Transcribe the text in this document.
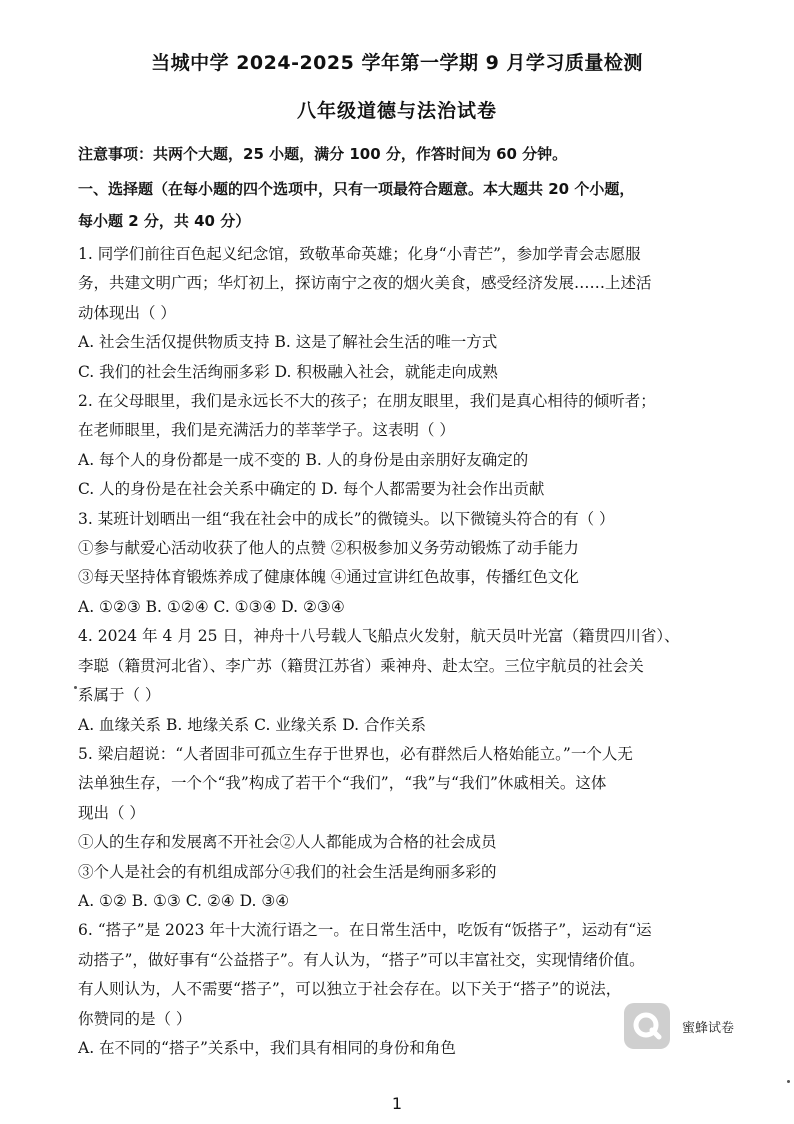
当城中学 2024-2025 学年第一学期 9 月学习质量检测
八年级道德与法治试卷
注意事项：共两个大题，25 小题，满分 100 分，作答时间为 60 分钟。
一、选择题（在每小题的四个选项中，只有一项最符合题意。本大题共 20 个小题，
每小题 2 分，共 40 分）
1. 同学们前往百色起义纪念馆，致敬革命英雄；化身“小青芒”，参加学青会志愿服
务，共建文明广西；华灯初上，探访南宁之夜的烟火美食，感受经济发展……上述活
动体现出（ ）
A. 社会生活仅提供物质支持 B. 这是了解社会生活的唯一方式
C. 我们的社会生活绚丽多彩 D. 积极融入社会，就能走向成熟
2. 在父母眼里，我们是永远长不大的孩子；在朋友眼里，我们是真心相待的倾听者；
在老师眼里，我们是充满活力的莘莘学子。这表明（ ）
A. 每个人的身份都是一成不变的 B. 人的身份是由亲朋好友确定的
C. 人的身份是在社会关系中确定的 D. 每个人都需要为社会作出贡献
3. 某班计划晒出一组“我在社会中的成长”的微镜头。以下微镜头符合的有（ ）
①参与献爱心活动收获了他人的点赞 ②积极参加义务劳动锻炼了动手能力
③每天坚持体育锻炼养成了健康体魄 ④通过宣讲红色故事，传播红色文化
A. ①②③ B. ①②④ C. ①③④ D. ②③④
4. 2024 年 4 月 25 日，神舟十八号载人飞船点火发射，航天员叶光富（籍贯四川省）、
李聪（籍贯河北省）、李广苏（籍贯江苏省）乘神舟、赴太空。三位宇航员的社会关
系属于（ ）
A. 血缘关系 B. 地缘关系 C. 业缘关系 D. 合作关系
5. 梁启超说：“人者固非可孤立生存于世界也，必有群然后人格始能立。”一个人无
法单独生存，一个个“我”构成了若干个“我们”，“我”与“我们”休戚相关。这体
现出（ ）
①人的生存和发展离不开社会②人人都能成为合格的社会成员
③个人是社会的有机组成部分④我们的社会生活是绚丽多彩的
A. ①② B. ①③ C. ②④ D. ③④
6. “搭子”是 2023 年十大流行语之一。在日常生活中，吃饭有“饭搭子”，运动有“运
动搭子”，做好事有“公益搭子”。有人认为，“搭子”可以丰富社交，实现情绪价值。
有人则认为，人不需要“搭子”，可以独立于社会存在。以下关于“搭子”的说法，
你赞同的是（ ）
A. 在不同的“搭子”关系中，我们具有相同的身份和角色
蜜蜂试卷
1
